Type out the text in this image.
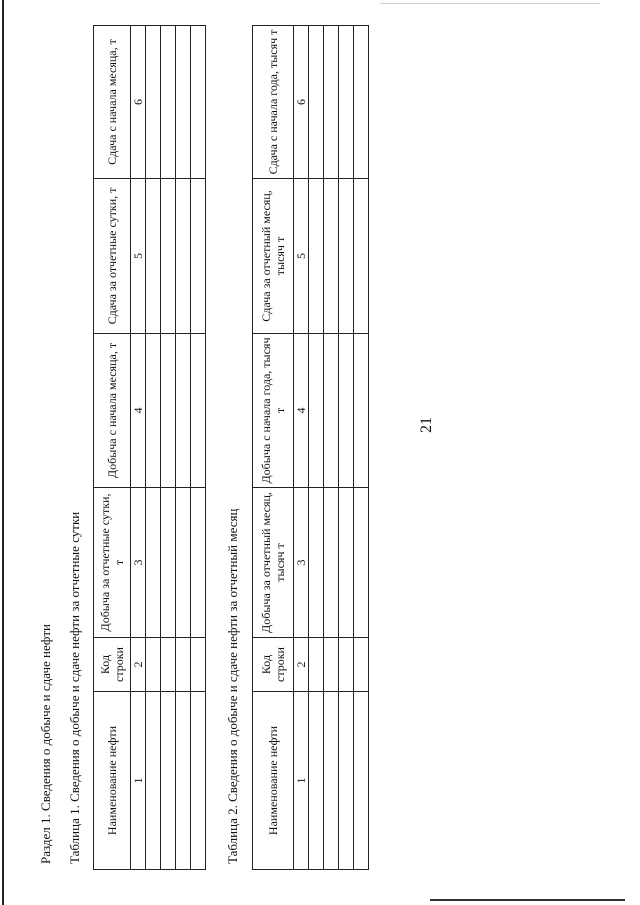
21
Раздел 1. Сведения о добыче и сдаче нефти Таблица 1. Сведения о добыче и сдаче нефти за отчетные сутки Наименование нефти	Код строки	Добыча за отчетные сутки, т	Добыча с начала месяца, т	Сдача за отчетные сутки, т	Сдача с начала месяца, т
1	2	3	4	5	6

Таблица 2. Сведения о добыче и сдаче нефти за отчетный месяц Наименование нефти	Код строки	Добыча за отчетный месяц, тысяч т	Добыча с начала года, тысяч т	Сдача за отчетный месяц, тысяч т	Сдача с начала года, тысяч т
1	2	3	4	5	6
